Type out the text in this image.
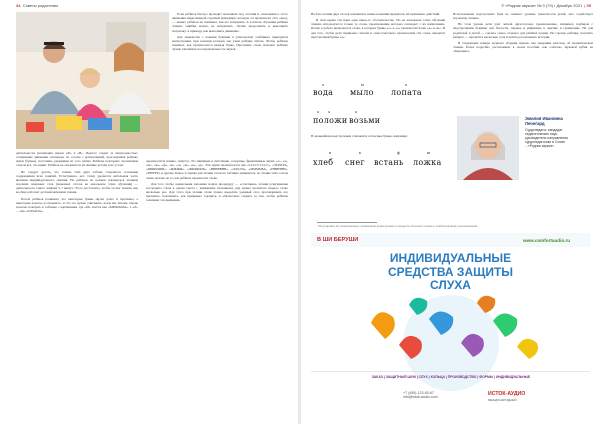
34 Советы родителям

Если ребёнок быстро проводит пальчиком под слогами и «показывает» этого движения нарисованной стрелкой (например: которую он произносит слог «ма»), — значит, ребёнок не понимает, как его исправить. А в начале обучения ребёнка чтению ошибки можно не исправлять. Лучше продолжить и выполнить подсказку: к примеру, как выполнить движение.

Для знакомства с новыми буквами в учительских учебниках приводятся иллюстрации, при помощи которых мы учим ребёнка читать. Чтобы ребёнок понимал, как произносится каждая буква. Прочтение слова поможет ребёнку лучше запомнить последовательность звуков.

деятельности различения звуков «Ф» и «В». Педагог следит за синхронностью: сопряжение движения «пальцем» по слогам с артикуляцией, проговаривая ребёнку звуки (буквы), постоянно удерживая из того ритма. Ребёнок повторяет, прочитывая следом все, что видит. Ребёнок не отвлекается на лишние детали и не устает.

Не следует делать, что чтение этих двух таблиц становится основным содержанием всех занятий. Естественно, нет, этому уделяется небольшая часть времени индивидуального занятия. Но ребёнок не должен отвлекаться чтением хороших знакомых слов (знакомых слогов на начальном этапе обучения) — длительность такого занятия 5–7 минут. Этого достаточно, чтобы он мог понять, как вообще работает детский механизм чтения.

Потом ребёнок понимает, что некоторые буквы звучат долго и протяжно, а некоторые коротко и отрывисто, и что это нужно учитывать, когда мы читаем. Очень полезно поиграть в таблицы с картинками, где «М» поётся как «МММАМА», а «Л» — как «ЛЛЛАПА».

произносятся плавно, тянутся. Это шипящие и свистящие, сонорные, фрикативные звуки: «с», «з», «ш», «ж», «ф», «в», «л», «м», «н», «р». Эти звуки произносятся как «ССССССССС», «ЗЗЗЗЗЗЗ», «ШШШШШ», «ЖЖЖЖ», «ФФФФФФ», «ВВВВВВВ», «ЛЛЛЛЛ», «МММММ», «НННННН», «РРРРРР» и другие. Какое-то время для чтения слоги из таблицы занимается, но чтение этих слогов очень похоже на то, как ребёнок произносит слово.

Для того чтобы дошкольник запомнил новую процедуру — «сочетание» чтения (озвучивание последнего слова в одном тексте с движением пальчиком), ему нужно прочитать каждое слово несколько раз. Для этого при чтении слова нужно выделять ударный слог, проговаривать его протяжно, показывать, как правильно говорить, и обязательно следить за тем, чтобы ребёнок запомнил эти движения.

© «Родник звуков» № 3 (79) • Декабрь 2021  | 35

На базе чтения двух слогов запоминать новые названия предметов, их признаков, действий.

В своё время эти идеи одна какое-то обстоятельство. Но на начальном этапе обучения чтению используются только те слова, произношение которых совпадает с их написанием. Позже в работе включаются слова, в которых буквы «о» и «е» произносятся как «а» и «и». И для того, чтобы дети правильно читали и самостоятельно произносили эти слова, вводится надстрочный буквы «а»:

а	ы	а
вода мыло лопата
а а	а
положи возьми

В дальнейшем надстрочным становятся согласные буквы, например:

п	к	ф	ш
хлеб снег встань ложка

Использование надстрочных букв не снижает уровень грамотности детей, зато содействует хорошему чтению.

На этом уровне дети учат четкой двухслоговое произношение, например подбирая с надстрочными буквами для беглости, парные и рифмовые в лексике и грамматике. Не для родителей и детей — сделать самое сложное для ребёнка чтение. Но гораздо ребёнку получить интерес — прочитать несколько слов и начать рассказывать истории.

В следующем номере журнала «Родник звуков» мы завершим разговор об аналитическом чтении. Более подробно рассказываю в своем пособии, как «читать» звуковой кубик на «Звуковые».

Эмилия Ивановна Леонгард
Сурдопедагог, кандидат педагогических наук, руководитель направления сурдопедагогики в Союзе ...«Родник звуков»
¹ Регулировка 10 телевизионных приёмников длина уровня в процессе обучения чтению и слабослышащих дошкольников.
В ШИ БЕРУШИ	www.comfortaudio.ru
ИНДИВИДУАЛЬНЫЕ
СРЕДСТВА ЗАЩИТЫ
СЛУХА
ЗАКАЗ | ЗАЩИТНЫЙ ШУМ | СЛУХ | КОЛЬЦА | ПРОИЗВОДСТВО | ФОРМЫ | ИНДИВИДУАЛЬНЫЕ
+7 (495) 123-45-67
info@istok-audio.com
ИСТОК-АУДИО
МЕЖДУНАРОДНЫЙ
